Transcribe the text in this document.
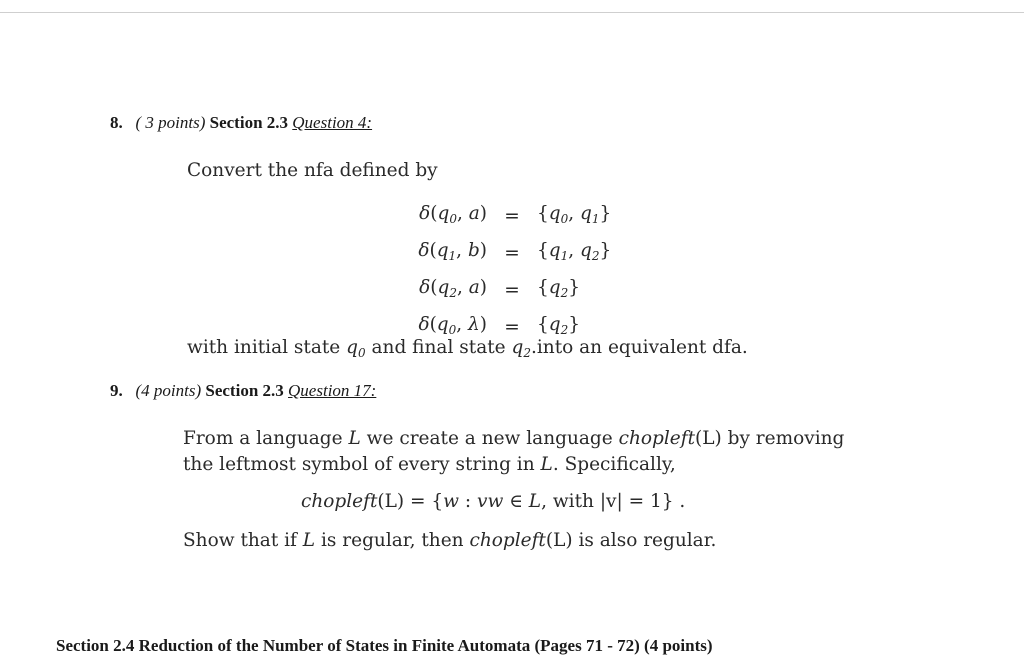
8. ( 3 points) Section 2.3 Question 4:
Convert the nfa defined by
$\delta(q_0$, a)	=	{$q_0$, $q_1$}
$\delta(q_1$, b)	=	{$q_1$, $q_2$}
$\delta(q_2$, a)	=	$\{q_2\}$
$\delta(q_0$, λ)	=	$\{q_2\}$
with initial state $q_0$ and final state $q_2.into$ an equivalent dfa.
9. (4 points) Section 2.3 Question 17:
From a language L we create a new language chopleft(L) by removing
the leftmost symbol of every string in L. Specifically,
chopleft(L) = {w : vw ∈ L, with |v| = 1} .
Show that if L is regular, then chopleft(L) is also regular.
Section 2.4 Reduction of the Number of States in Finite Automata (Pages 71 - 72) (4 points)
